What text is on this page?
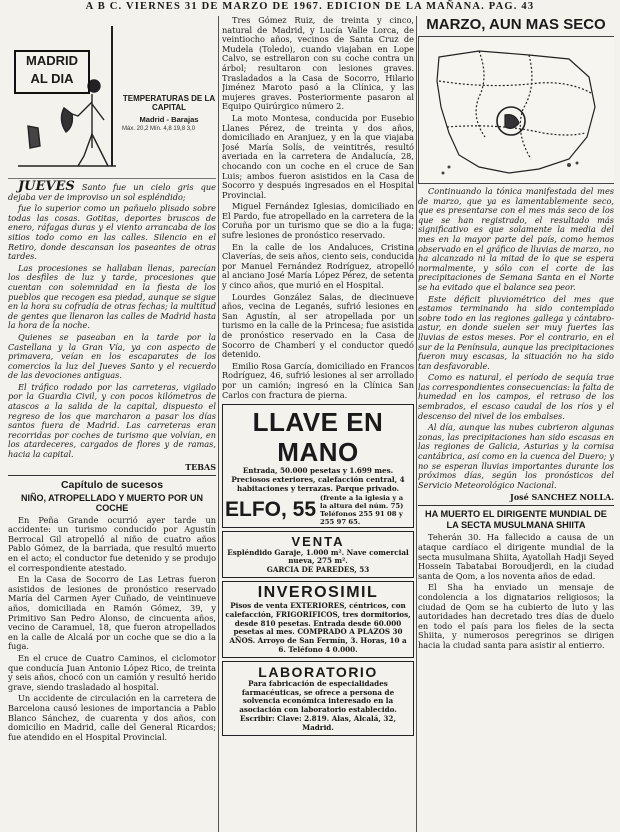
A B C. VIERNES 31 DE MARZO DE 1967. EDICION DE LA MAÑANA. PAG. 43
MADRID AL DIA
TEMPERATURAS DE LA CAPITAL
Madrid - Barajas
Máx. 20,2 Mín. 4,8 19,8 3,0

JUEVES Santo fue un cielo gris que dejaba ver de improviso un sol espléndido;

fue lo superior como un pañuelo plisado sobre todas las cosas. Gotitas, deportes bruscos de enero, ráfagas duras y el viento arrancaba de los sitios todo como en las calles. Silencio en el Retiro, donde descansan los paseantes de otras tardes.

Las procesiones se hallaban llenas, parecían los desfiles de luz y tarde, procesiones que cuentan con solemnidad en la fiesta de los pueblos que recogen esa piedad, aunque se sigue en la hora su cofradía de otras fechas; la multitud de gentes que llenaron las calles de Madrid hasta la hora de la noche.

Quienes se paseaban en la tarde por la Castellana y la Gran Vía, ya con aspecto de primavera, veían en los escaparates de los comercios la luz del Jueves Santo y el recuerdo de las devociones antiguas.

El tráfico rodado por las carreteras, vigilado por la Guardia Civil, y con pocos kilómetros de atascos a la salida de la capital, dispuesto el regreso de los que marcharon a pasar los días santos fuera de Madrid. Las carreteras eran recorridas por coches de turismo que volvían, en los atardeceres, cargados de flores y de ramas, hacia la capital.

TEBAS
Capítulo de sucesos
NIÑO, ATROPELLADO Y MUERTO POR UN COCHE

En Peña Grande ocurrió ayer tarde un accidente: un turismo conducido por Agustín Berrocal Gil atropelló al niño de cuatro años Pablo Gómez, de la barriada, que resultó muerto en el acto; el conductor fue detenido y se produjo el correspondiente atestado.

En la Casa de Socorro de Las Letras fueron asistidos de lesiones de pronóstico reservado María del Carmen Ayer Cuñado, de veintinueve años, domiciliada en Ramón Gómez, 39, y Primitivo San Pedro Alonso, de cincuenta años, vecino de Caramuel, 18, que fueron atropellados en la calle de Alcalá por un coche que se dio a la fuga.

En el cruce de Cuatro Caminos, el ciclomotor que conducía Juan Antonio López Rico, de treinta y seis años, chocó con un camión y resultó herido grave, siendo trasladado al hospital.

Un accidente de circulación en la carretera de Barcelona causó lesiones de importancia a Pablo Blanco Sánchez, de cuarenta y dos años, con domicilio en Madrid, calle del General Ricardos; fue atendido en el Hospital Provincial.

Tres Gómez Ruiz, de treinta y cinco, natural de Madrid, y Lucía Valle Lorca, de veintiocho años, vecinos de Santa Cruz de Mudela (Toledo), cuando viajaban en Lope Calvo, se estrellaron con su coche contra un árbol; resultaron con lesiones graves. Trasladados a la Casa de Socorro, Hilario Jiménez Maroto pasó a la Clínica, y las mujeres graves. Posteriormente pasaron al Equipo Quirúrgico número 2.

La moto Montesa, conducida por Eusebio Llanes Pérez, de treinta y dos años, domiciliado en Aranjuez, y en la que viajaba José María Solís, de veintitrés, resultó averiada en la carretera de Andalucía, 28, chocando con un coche en el cruce de San Luis; ambos fueron asistidos en la Casa de Socorro y después ingresados en el Hospital Provincial.

Miguel Fernández Iglesias, domiciliado en El Pardo, fue atropellado en la carretera de la Coruña por un turismo que se dio a la fuga; sufre lesiones de pronóstico reservado.

En la calle de los Andaluces, Cristina Claverías, de seis años, ciento seis, conducida por Manuel Fernández Rodríguez, atropelló al anciano José María López Pérez, de setenta y cinco años, que murió en el Hospital.

Lourdes González Salas, de diecinueve años, vecina de Leganés, sufrió lesiones en San Agustín, al ser atropellada por un turismo en la calle de la Princesa; fue asistida de pronóstico reservado en la Casa de Socorro de Chamberí y el conductor quedó detenido.

Emilio Rosa García, domiciliado en Francos Rodríguez, 46, sufrió lesiones al ser arrollado por un camión; ingresó en la Clínica San Carlos con fractura de pierna.

LLAVE EN MANO
Entrada, 50.000 pesetas y 1.699 mes. Preciosos exteriores, calefacción central, 4 habitaciones y terrazas. Parque privado.
ELFO, 55 (frente a la iglesia y a la altura del núm. 75) Teléfonos 255 91 08 y 255 97 65.
VENTA
Espléndido Garaje, 1.000 m². Nave comercial nueva, 275 m².
GARCIA DE PAREDES, 53
INVEROSIMIL
Pisos de venta EXTERIORES, céntricos, con calefacción, FRIGORIFICOS, tres dormitorios, desde 810 pesetas. Entrada desde 60.000 pesetas al mes. COMPRADO A PLAZOS 30 AÑOS. Arroyo de San Fermín, 3. Horas, 10 a 6. Teléfono 4 0.000.
LABORATORIO
Para fabricación de especialidades farmacéuticas, se ofrece a persona de solvencia económica interesado en la asociación con laboratorio establecido. Escribir: Clave: 2.819. Alas, Alcalá, 32, Madrid.
MARZO, AUN MAS SECO

Continuando la tónica manifestada del mes de marzo, que ya es lamentablemente seco, que es presentarse con el mes más seco de los que se han registrado, el resultado más significativo es que solamente la media del mes en la mayor parte del país, como hemos observado en el gráfico de lluvias de marzo, no ha alcanzado ni la mitad de lo que se espera normalmente, y sólo con el corte de las precipitaciones de Semana Santa en el Norte se ha evitado que el balance sea peor.

Este déficit pluviométrico del mes que estamos terminando ha sido contemplado sobre todo en las regiones gallega y cántabro-astur, en donde suelen ser muy fuertes las lluvias de estos meses. Por el contrario, en el sur de la Península, aunque las precipitaciones fueron muy escasas, la situación no ha sido tan desfavorable.

Como es natural, el período de sequía trae las correspondientes consecuencias: la falta de humedad en los campos, el retraso de los sembrados, el escaso caudal de los ríos y el descenso del nivel de los embalses.

Al día, aunque las nubes cubrieron algunas zonas, las precipitaciones han sido escasas en las regiones de Galicia, Asturias y la cornisa cantábrica, así como en la cuenca del Duero; y no se esperan lluvias importantes durante los próximos días, según los pronósticos del Servicio Meteorológico Nacional.

José SANCHEZ NOLLA.
HA MUERTO EL DIRIGENTE MUNDIAL DE LA SECTA MUSULMANA SHIITA

Teherán 30. Ha fallecido a causa de un ataque cardíaco el dirigente mundial de la secta musulmana Shiita, Ayatollah Hadji Seyed Hossein Tabatabai Boroudjerdi, en la ciudad santa de Qom, a los noventa años de edad.

El Sha ha enviado un mensaje de condolencia a los dignatarios religiosos; la ciudad de Qom se ha cubierto de luto y las autoridades han decretado tres días de duelo en todo el país para los fieles de la secta Shiita, y numerosos peregrinos se dirigen hacia la ciudad santa para asistir al entierro.
